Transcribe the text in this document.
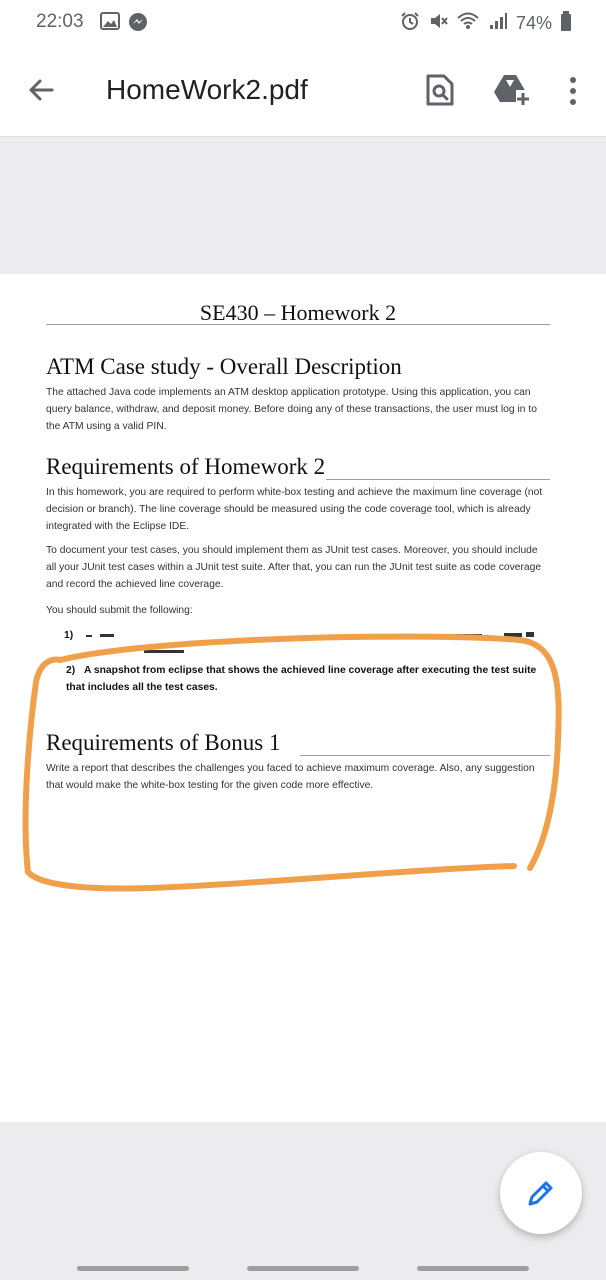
22:03	74%
HomeWork2.pdf
SE430 – Homework 2
ATM Case study - Overall Description
The attached Java code implements an ATM desktop application prototype. Using this application, you can query balance, withdraw, and deposit money. Before doing any of these transactions, the user must log in to the ATM using a valid PIN.
Requirements of Homework 2
In this homework, you are required to perform white-box testing and achieve the maximum line coverage (not decision or branch). The line coverage should be measured using the code coverage tool, which is already integrated with the Eclipse IDE.
To document your test cases, you should implement them as JUnit test cases. Moreover, you should include all your JUnit test cases within a JUnit test suite. After that, you can run the JUnit test suite as code coverage and record the achieved line coverage.
You should submit the following:
1)
2) A snapshot from eclipse that shows the achieved line coverage after executing the test suite that includes all the test cases.
Requirements of Bonus 1
Write a report that describes the challenges you faced to achieve maximum coverage. Also, any suggestion that would make the white-box testing for the given code more effective.
